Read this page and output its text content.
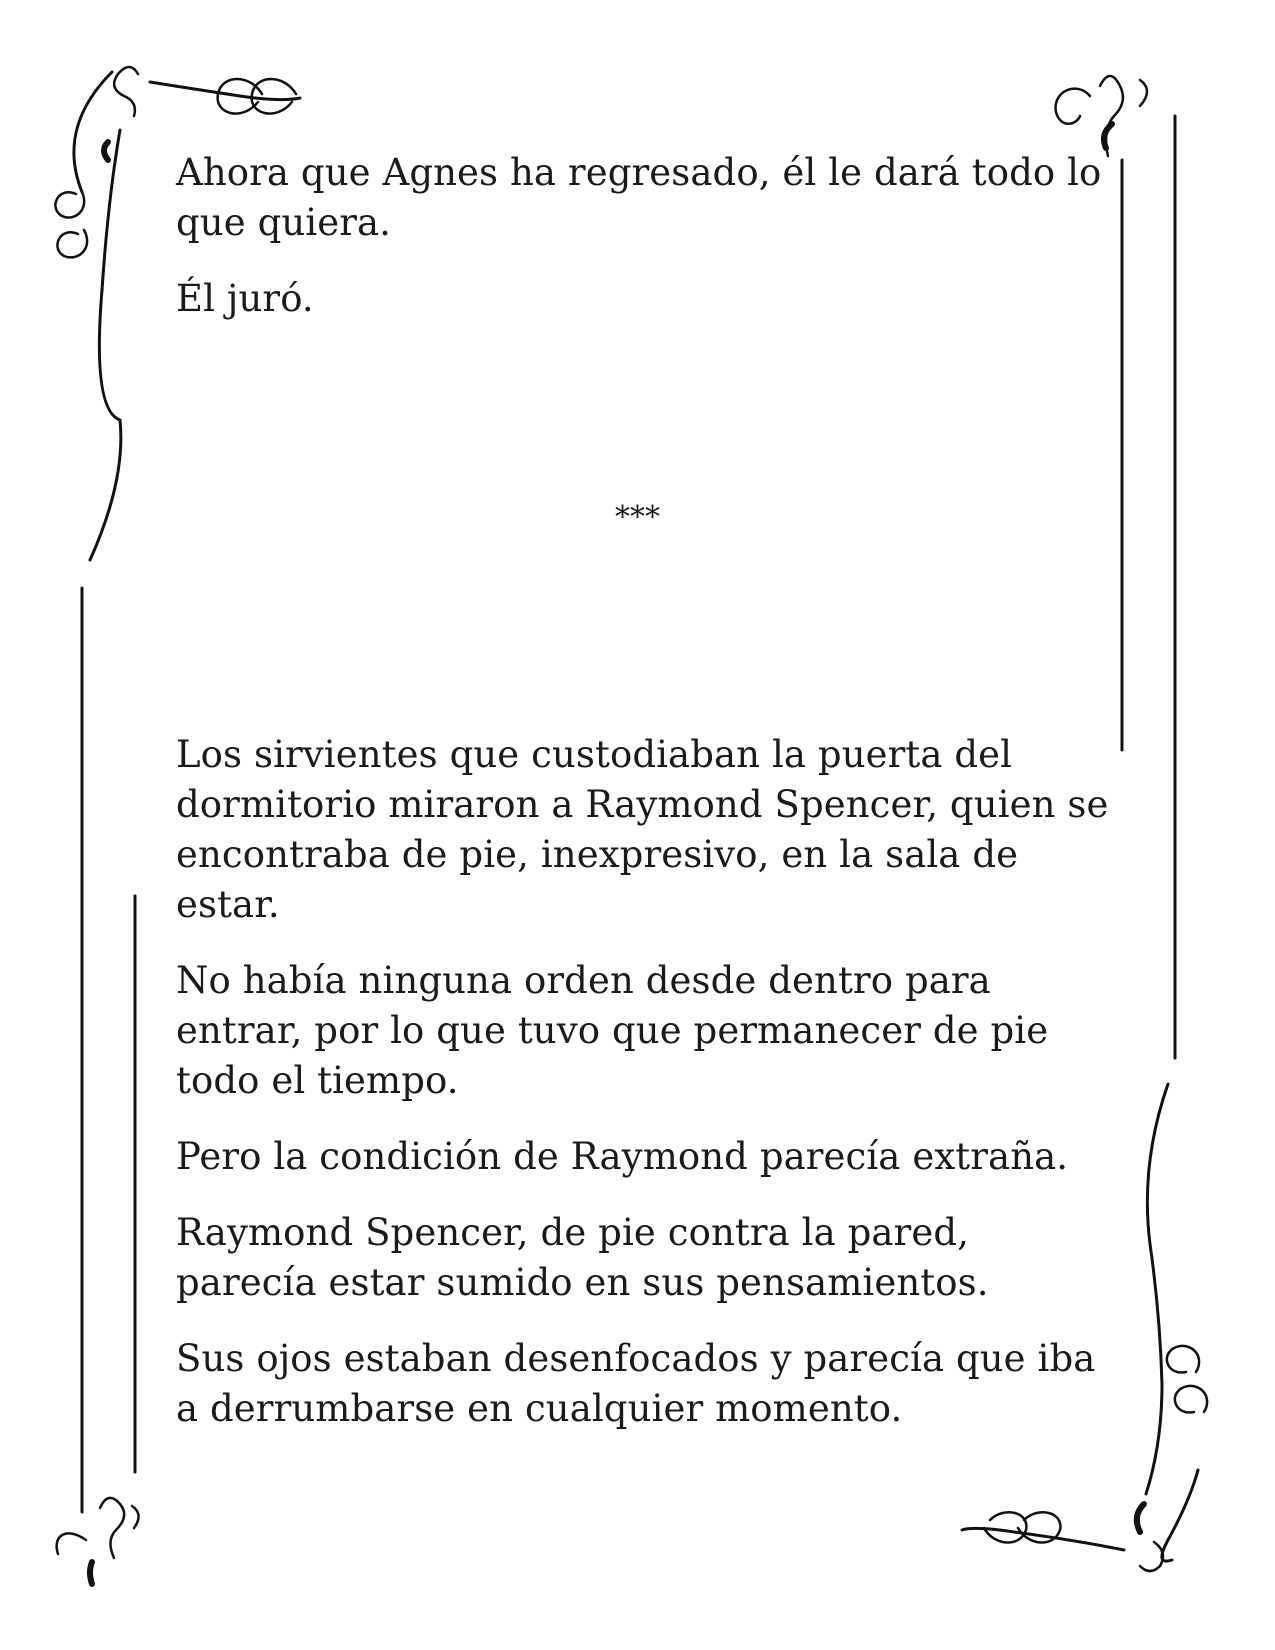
Ahora que Agnes ha regresado, él le dará todo lo que quiera.

Él juró.

***

Los sirvientes que custodiaban la puerta del dormitorio miraron a Raymond Spencer, quien se encontraba de pie, inexpresivo, en la sala de estar.

No había ninguna orden desde dentro para entrar, por lo que tuvo que permanecer de pie todo el tiempo.

Pero la condición de Raymond parecía extraña.

Raymond Spencer, de pie contra la pared, parecía estar sumido en sus pensamientos.

Sus ojos estaban desenfocados y parecía que iba a derrumbarse en cualquier momento.
